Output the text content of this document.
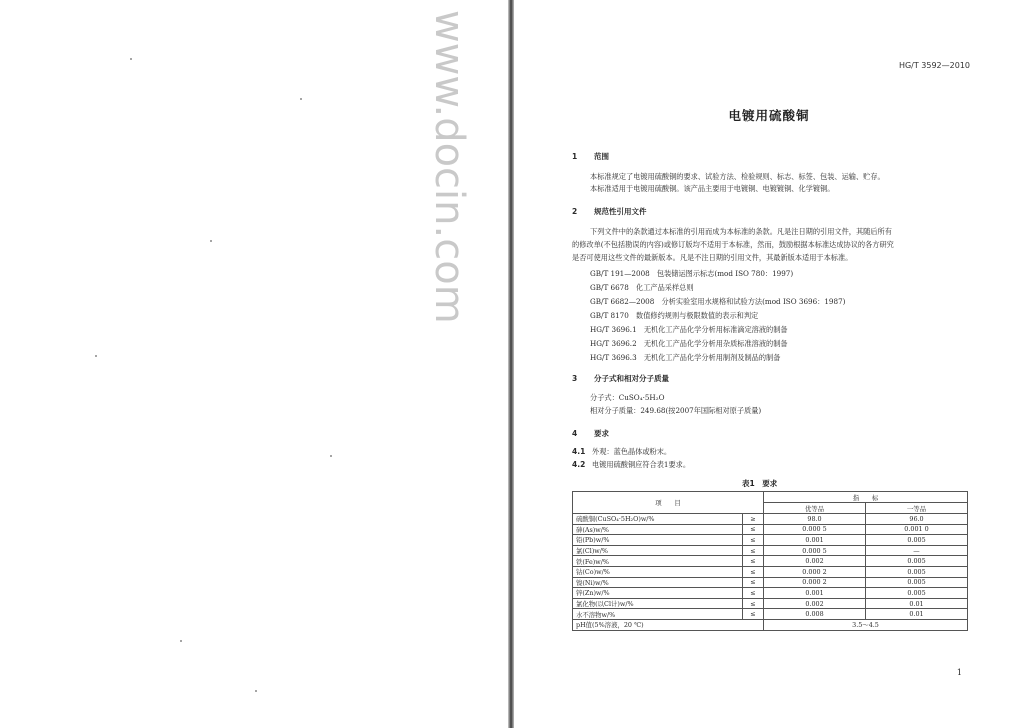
www.docin.com	HG/T 3592—2010
电镀用硫酸铜
1 范围
本标准规定了电镀用硫酸铜的要求、试验方法、检验规则、标志、标签、包装、运输、贮存。
本标准适用于电镀用硫酸铜。该产品主要用于电镀铜、电镀镀铜、化学镀铜。
2 规范性引用文件
下列文件中的条款通过本标准的引用而成为本标准的条款。凡是注日期的引用文件，其随后所有
的修改单(不包括勘误的内容)或修订版均不适用于本标准，然而，鼓励根据本标准达成协议的各方研究
是否可使用这些文件的最新版本。凡是不注日期的引用文件，其最新版本适用于本标准。
GB/T 191—2008　包装储运图示标志(mod ISO 780：1997)
GB/T 6678　化工产品采样总则
GB/T 6682—2008　分析实验室用水规格和试验方法(mod ISO 3696：1987)
GB/T 8170　数值修约规则与极限数值的表示和判定
HG/T 3696.1　无机化工产品化学分析用标准滴定溶液的制备
HG/T 3696.2　无机化工产品化学分析用杂质标准溶液的制备
HG/T 3696.3　无机化工产品化学分析用制剂及制品的制备
3 分子式和相对分子质量
分子式：CuSO₄·5H₂O
相对分子质量：249.68(按2007年国际相对原子质量)
4 要求
4.1 外观：蓝色晶体或粉末。
4.2 电镀用硫酸铜应符合表1要求。
表1　要求
项　　目		指　　标	
		优等品	一等品
硫酸铜(CuSO₄·5H₂O)w/%	≥	98.0	96.0
砷(As)w/%	≤	0.000 5	0.001 0
铅(Pb)w/%	≤	0.001	0.005
氯(Cl)w/%	≤	0.000 5	—
铁(Fe)w/%	≤	0.002	0.005
钴(Co)w/%	≤	0.000 2	0.005
镍(Ni)w/%	≤	0.000 2	0.005
锌(Zn)w/%	≤	0.001	0.005
氯化物(以Cl计)w/%	≤	0.002	0.01
水不溶物w/%	≤	0.008	0.01
pH值(5%溶液，20 ℃)		3.5～4.5	
1
